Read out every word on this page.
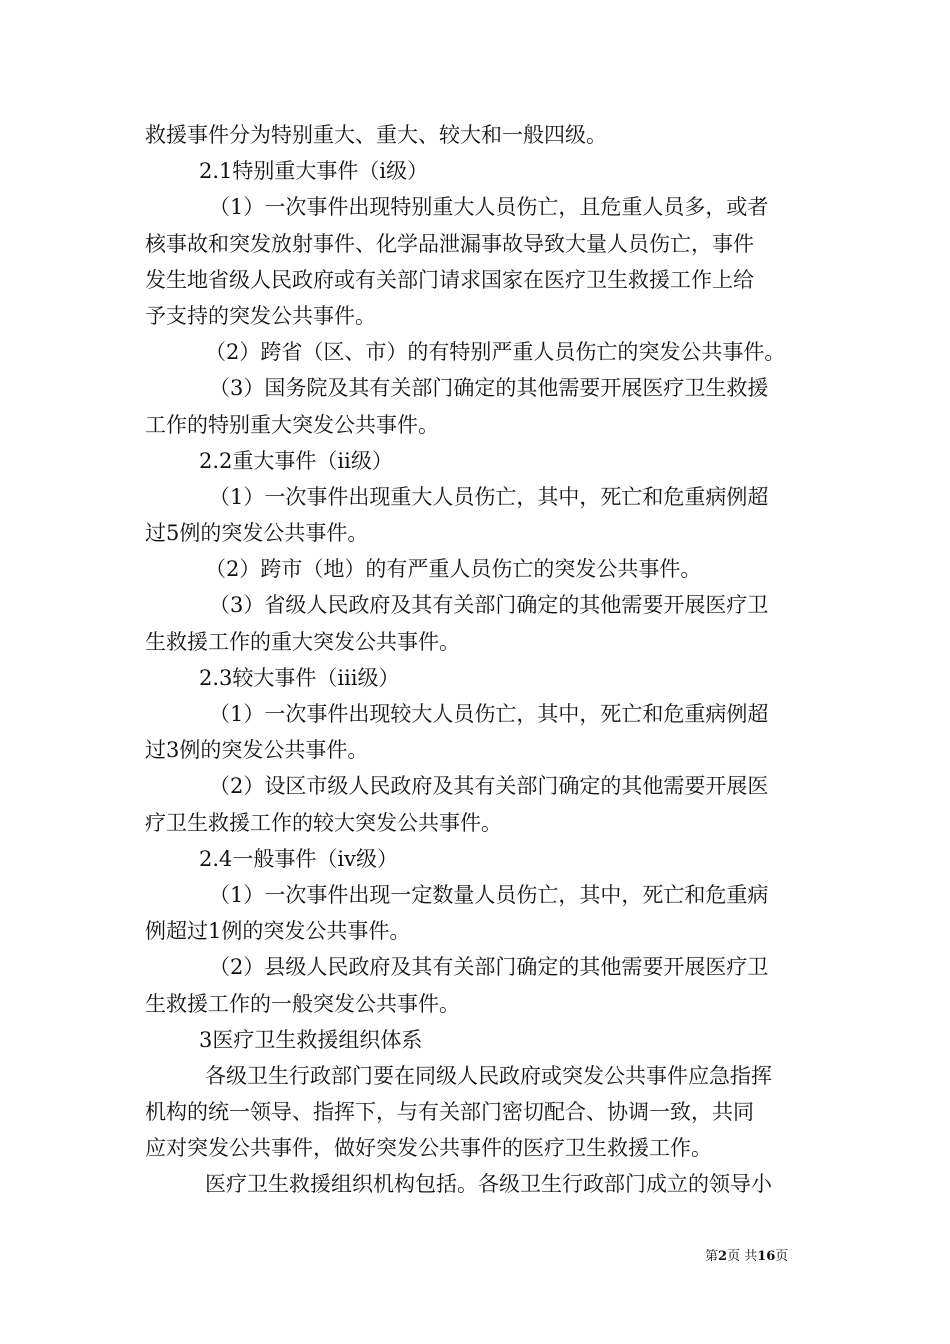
救援事件分为特别重大、重大、较大和一般四级。
2.1特别重大事件（ⅰ级）
（1）一次事件出现特别重大人员伤亡，且危重人员多，或者
核事故和突发放射事件、化学品泄漏事故导致大量人员伤亡，事件
发生地省级人民政府或有关部门请求国家在医疗卫生救援工作上给
予支持的突发公共事件。
（2）跨省（区、市）的有特别严重人员伤亡的突发公共事件。
（3）国务院及其有关部门确定的其他需要开展医疗卫生救援
工作的特别重大突发公共事件。
2.2重大事件（ⅱ级）
（1）一次事件出现重大人员伤亡，其中，死亡和危重病例超
过5例的突发公共事件。
（2）跨市（地）的有严重人员伤亡的突发公共事件。
（3）省级人民政府及其有关部门确定的其他需要开展医疗卫
生救援工作的重大突发公共事件。
2.3较大事件（ⅲ级）
（1）一次事件出现较大人员伤亡，其中，死亡和危重病例超
过3例的突发公共事件。
（2）设区市级人民政府及其有关部门确定的其他需要开展医
疗卫生救援工作的较大突发公共事件。
2.4一般事件（ⅳ级）
（1）一次事件出现一定数量人员伤亡，其中，死亡和危重病
例超过1例的突发公共事件。
（2）县级人民政府及其有关部门确定的其他需要开展医疗卫
生救援工作的一般突发公共事件。
3医疗卫生救援组织体系
各级卫生行政部门要在同级人民政府或突发公共事件应急指挥
机构的统一领导、指挥下，与有关部门密切配合、协调一致，共同
应对突发公共事件，做好突发公共事件的医疗卫生救援工作。
医疗卫生救援组织机构包括。各级卫生行政部门成立的领导小
第2页 共16页
